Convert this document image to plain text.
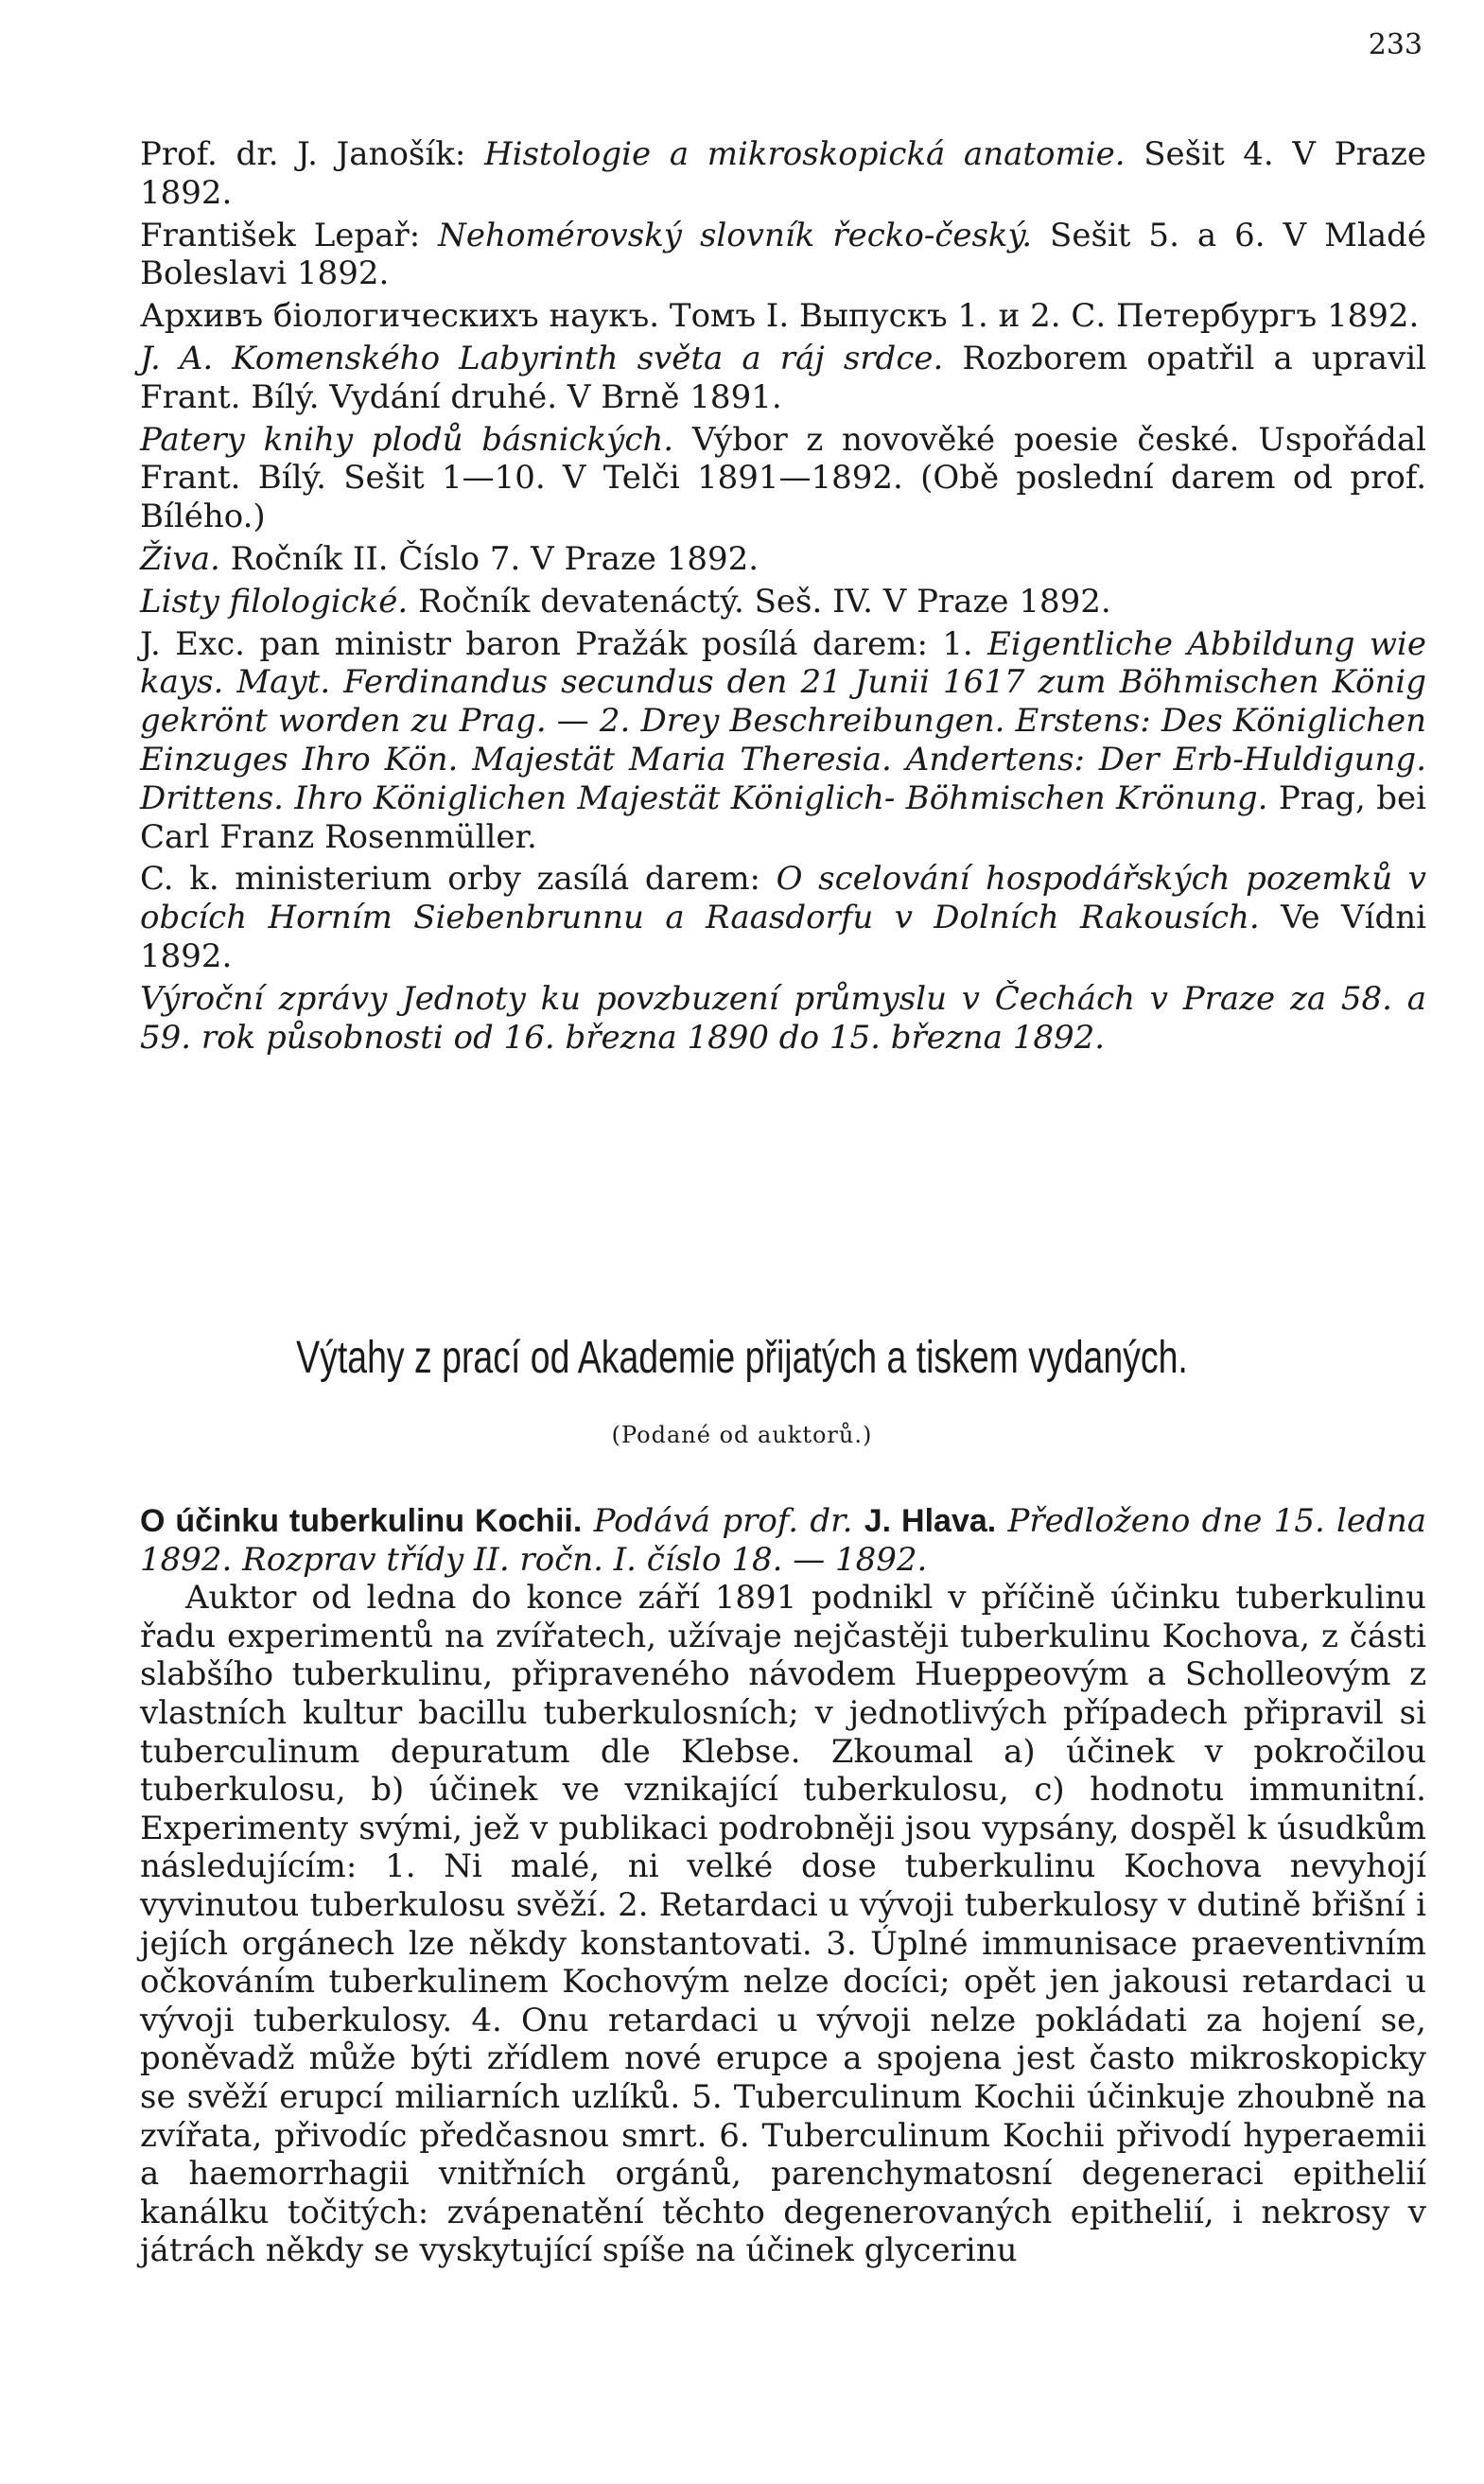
233

Prof. dr. J. Janošík: Histologie a mikroskopická anatomie. Sešit 4. V Praze 1892.

František Lepař: Nehomérovský slovník řecko-český. Sešit 5. a 6. V Mladé Boleslavi 1892.

Архивъ біологическихъ наукъ. Томъ I. Выпускъ 1. и 2. С. Петербургъ 1892.

J. A. Komenského Labyrinth světa a ráj srdce. Rozborem opatřil a upravil Frant. Bílý. Vydání druhé. V Brně 1891.

Patery knihy plodů básnických. Výbor z novověké poesie české. Uspořádal Frant. Bílý. Sešit 1—10. V Telči 1891—1892. (Obě poslední darem od prof. Bílého.)

Živa. Ročník II. Číslo 7. V Praze 1892.

Listy filologické. Ročník devatenáctý. Seš. IV. V Praze 1892.

J. Exc. pan ministr baron Pražák posílá darem: 1. Eigentliche Abbildung wie kays. Mayt. Ferdinandus secundus den 21 Junii 1617 zum Böhmischen König gekrönt worden zu Prag. — 2. Drey Beschreibungen. Erstens: Des Königlichen Einzuges Ihro Kön. Majestät Maria Theresia. Andertens: Der Erb-Huldigung. Drittens. Ihro Königlichen Majestät Königlich- Böhmischen Krönung. Prag, bei Carl Franz Rosenmüller.

C. k. ministerium orby zasílá darem: O scelování hospodářských pozemků v obcích Horním Siebenbrunnu a Raasdorfu v Dolních Rakousích. Ve Vídni 1892.

Výroční zprávy Jednoty ku povzbuzení průmyslu v Čechách v Praze za 58. a 59. rok působnosti od 16. března 1890 do 15. března 1892.

Výtahy z prací od Akademie přijatých a tiskem vydaných.
(Podané od auktorů.)

O účinku tuberkulinu Kochii. Podává prof. dr. J. Hlava. Předloženo dne 15. ledna 1892. Rozprav třídy II. ročn. I. číslo 18. — 1892.

Auktor od ledna do konce září 1891 podnikl v příčině účinku tuberkulinu řadu experimentů na zvířatech, užívaje nejčastěji tuberkulinu Kochova, z části slabšího tuberkulinu, připraveného návodem Hueppeovým a Scholleovým z vlastních kultur bacillu tuberkulosních; v jednotlivých případech připravil si tuberculinum depuratum dle Klebse. Zkoumal a) účinek v pokročilou tuberkulosu, b) účinek ve vznikající tuberkulosu, c) hodnotu immunitní. Experimenty svými, jež v publikaci podrobněji jsou vypsány, dospěl k úsudkům následujícím: 1. Ni malé, ni velké dose tuberkulinu Kochova nevyhojí vyvinutou tuberkulosu svěží. 2. Retardaci u vývoji tuberkulosy v dutině břišní i jejích orgánech lze někdy konstantovati. 3. Úplné immunisace praeventivním očkováním tuberkulinem Kochovým nelze docíci; opět jen jakousi retardaci u vývoji tuberkulosy. 4. Onu retardaci u vývoji nelze pokládati za hojení se, poněvadž může býti zřídlem nové erupce a spojena jest často mikroskopicky se svěží erupcí miliarních uzlíků. 5. Tuberculinum Kochii účinkuje zhoubně na zvířata, přivodíc předčasnou smrt. 6. Tuberculinum Kochii přivodí hyperaemii a haemorrhagii vnitřních orgánů, parenchymatosní degeneraci epithelií kanálku točitých: zvápenatění těchto degenerovaných epithelií, i nekrosy v játrách někdy se vyskytující spíše na účinek glycerinu
